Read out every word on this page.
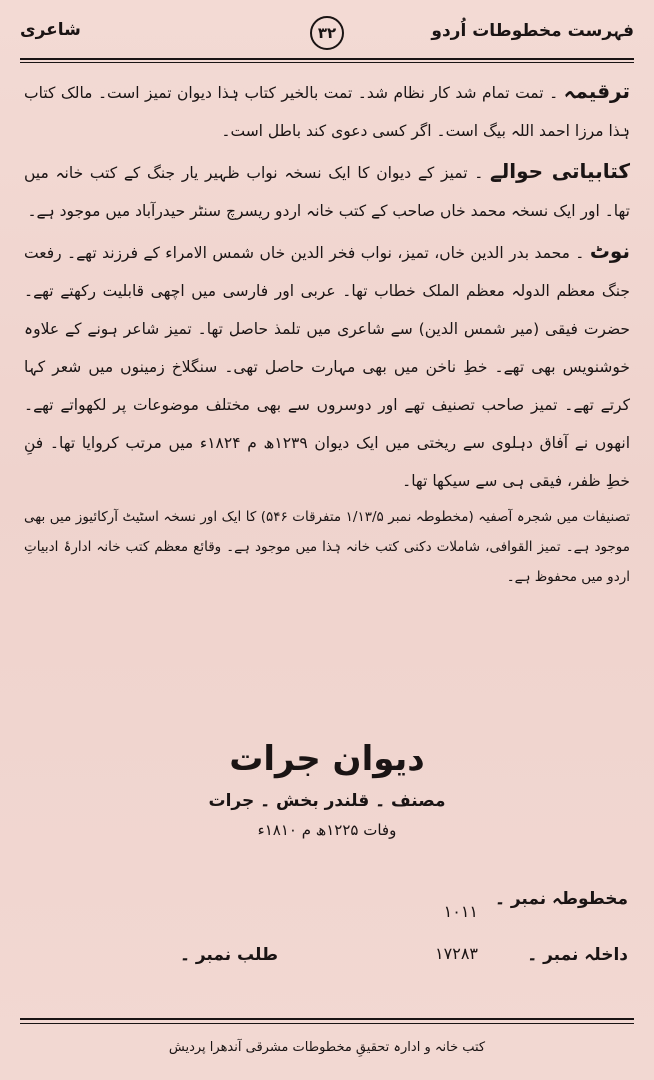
فہرست مخطوطات اُردو
۳۲
شاعری

ترقیمہ ۔ تمت تمام شد کار نظام شد۔ تمت بالخیر کتاب ہٰذا دیوان تمیز است۔ مالک کتاب ہٰذا مرزا احمد اللہ بیگ است۔ اگر کسی دعوی کند باطل است۔

کتابیاتی حوالے ۔ تمیز کے دیوان کا ایک نسخہ نواب ظہیر یار جنگ کے کتب خانہ میں تھا۔ اور ایک نسخہ محمد خاں صاحب کے کتب خانہ اردو ریسرچ سنٹر حیدرآباد میں موجود ہے۔

نوٹ ۔ محمد بدر الدین خاں، تمیز، نواب فخر الدین خاں شمس الامراء کے فرزند تھے۔ رفعت جنگ معظم الدولہ معظم الملک خطاب تھا۔ عربی اور فارسی میں اچھی قابلیت رکھتے تھے۔ حضرت فیقی (میر شمس الدین) سے شاعری میں تلمذ حاصل تھا۔ تمیز شاعر ہونے کے علاوہ خوشنویس بھی تھے۔ خطِ ناخن میں بھی مہارت حاصل تھی۔ سنگلاخ زمینوں میں شعر کہا کرتے تھے۔ تمیز صاحب تصنیف تھے اور دوسروں سے بھی مختلف موضوعات پر لکھواتے تھے۔ انھوں نے آفاق دہلوی سے ریختی میں ایک دیوان ۱۲۳۹ھ م ۱۸۲۴ء میں مرتب کروایا تھا۔ فنِ خطِ ظفر، فیقی ہی سے سیکھا تھا۔

تصنیفات میں شجرہ آصفیہ (مخطوطہ نمبر ۱/۱۳/۵ متفرقات ۵۴۶) کا ایک اور نسخہ اسٹیٹ آرکائیوز میں بھی موجود ہے۔ تمیز القوافی، شاملات دکنی کتب خانہ ہٰذا میں موجود ہے۔ وقائع معظم کتب خانہ ادارۂ ادبیاتِ اردو میں محفوظ ہے۔

دیوان جرات
مصنف ۔ قلندر بخش ۔ جرات
وفات ۱۲۲۵ھ م ۱۸۱۰ء
مخطوطہ نمبر ۔
۱۰۱۱
داخلہ نمبر ۔
۱۷۲۸۳
طلب نمبر ۔
کتب خانہ و ادارہ تحقیقِ مخطوطات مشرقی آندھرا پردیش
